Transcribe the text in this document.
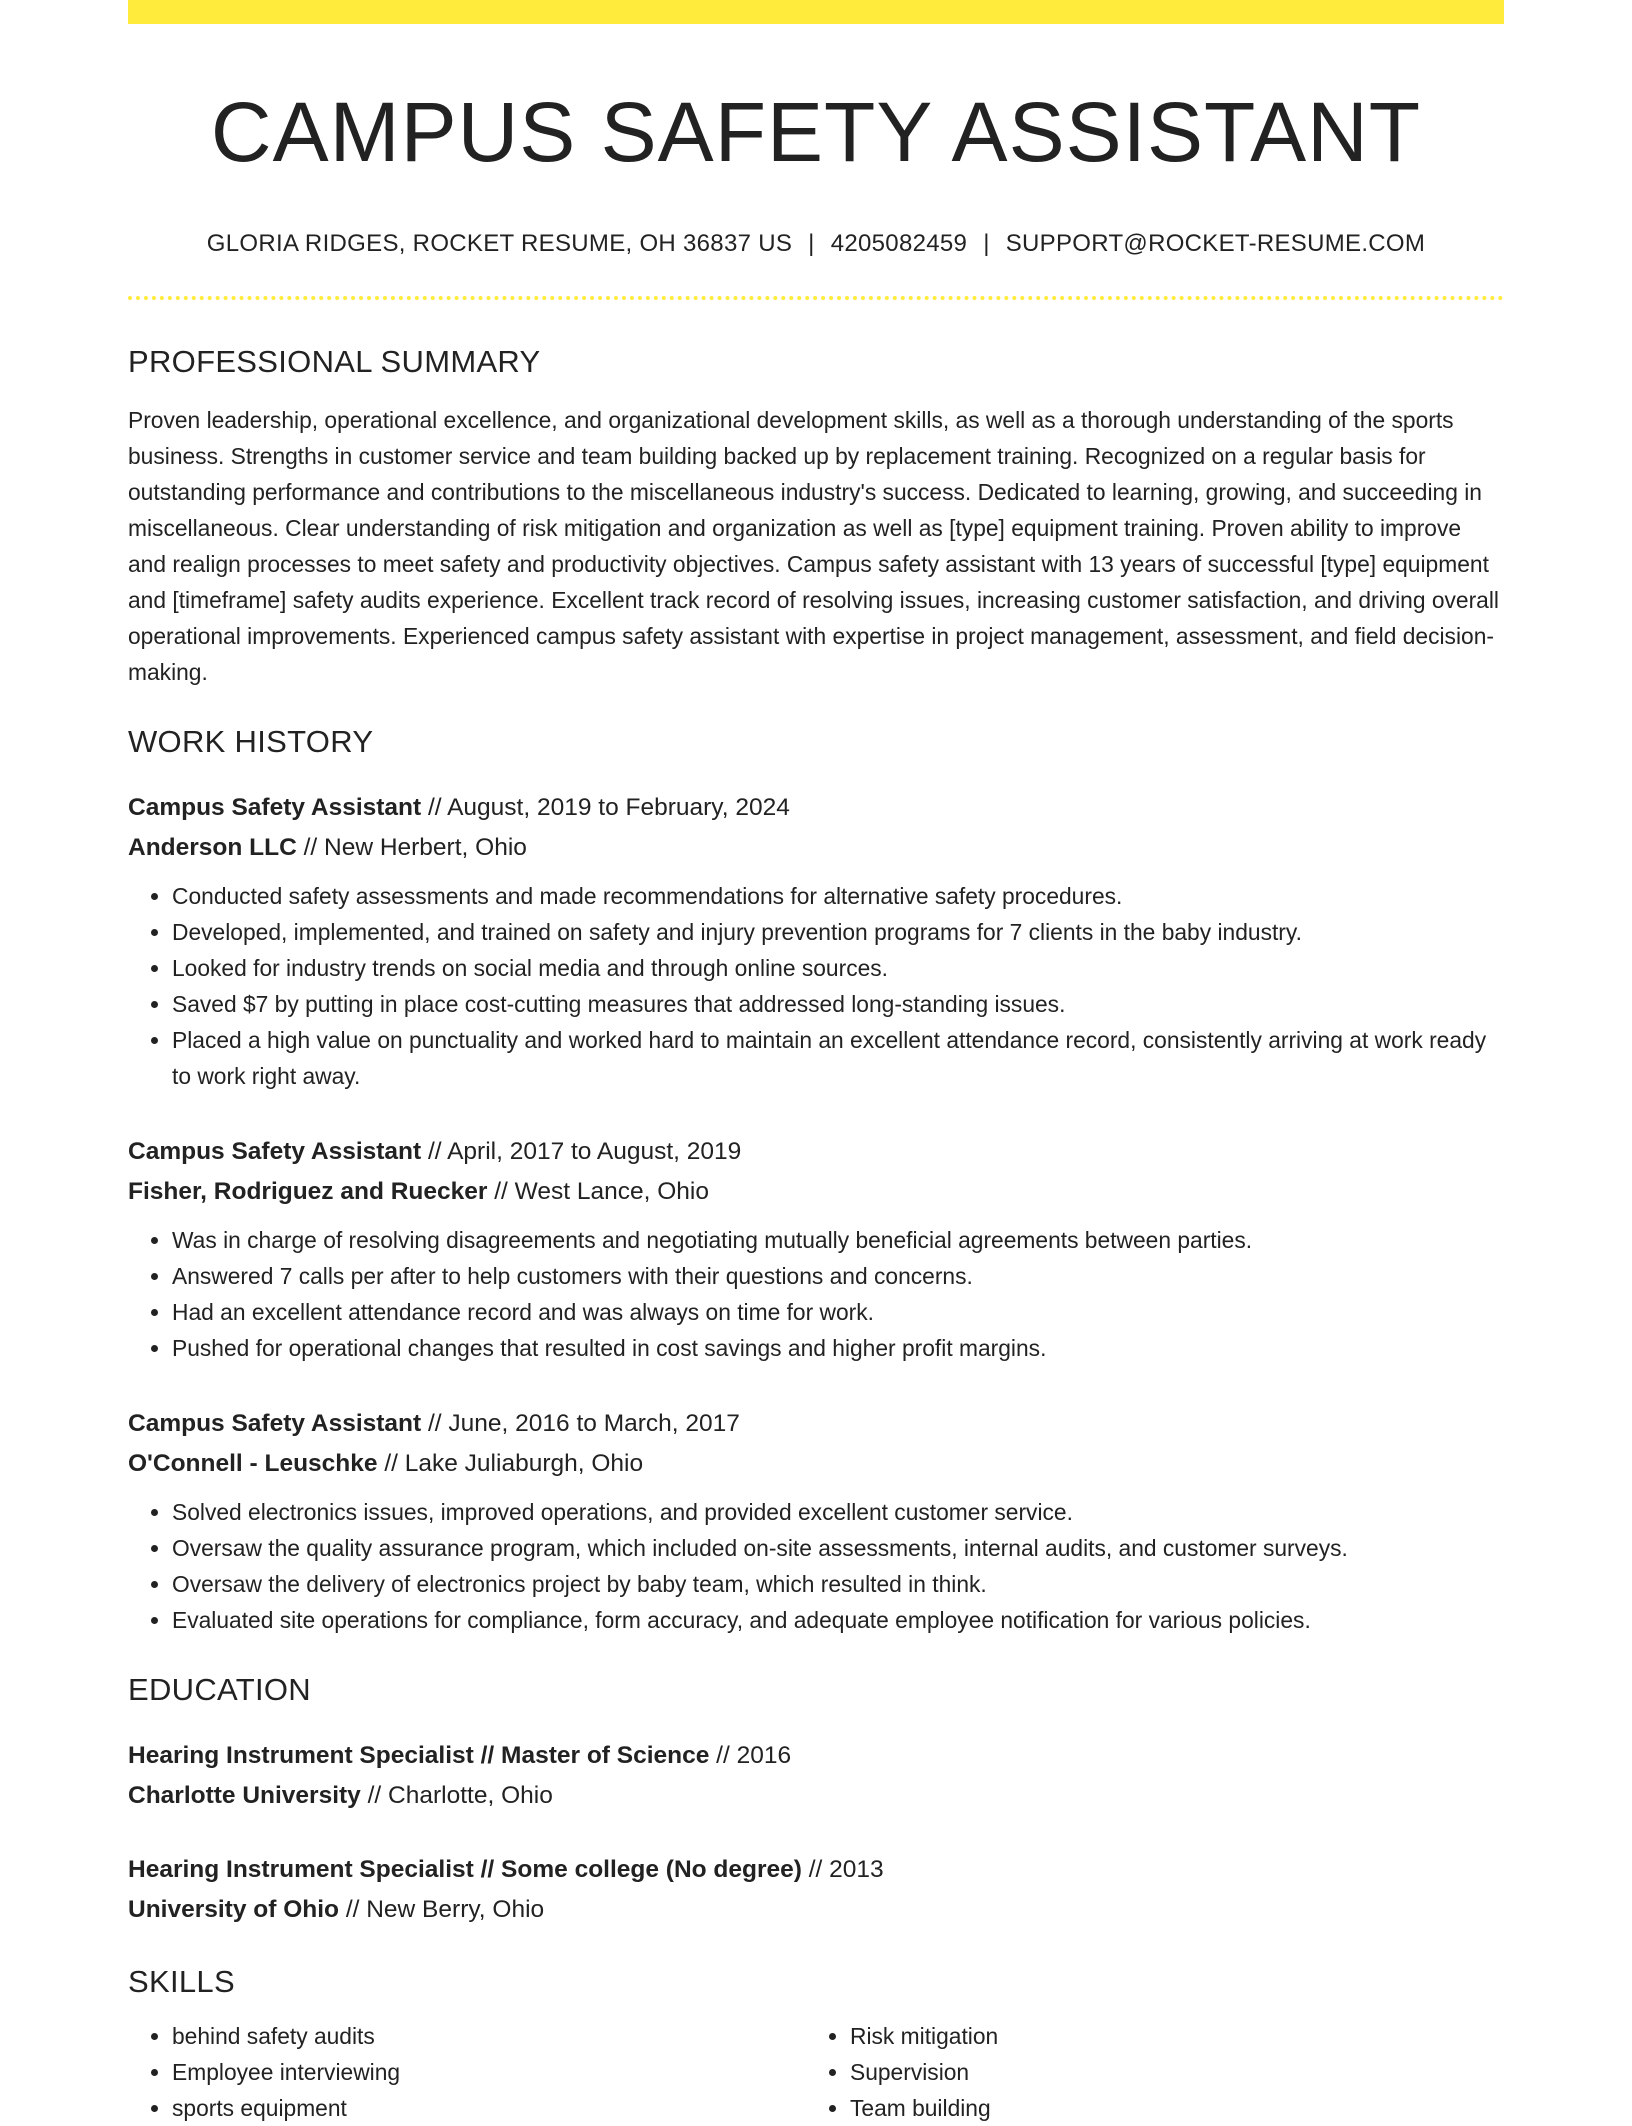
CAMPUS SAFETY ASSISTANT
GLORIA RIDGES, ROCKET RESUME, OH 36837 US | 4205082459 | SUPPORT@ROCKET-RESUME.COM
PROFESSIONAL SUMMARY

Proven leadership, operational excellence, and organizational development skills, as well as a thorough understanding of the sports business. Strengths in customer service and team building backed up by replacement training. Recognized on a regular basis for outstanding performance and contributions to the miscellaneous industry's success. Dedicated to learning, growing, and succeeding in miscellaneous. Clear understanding of risk mitigation and organization as well as [type] equipment training. Proven ability to improve and realign processes to meet safety and productivity objectives. Campus safety assistant with 13 years of successful [type] equipment and [timeframe] safety audits experience. Excellent track record of resolving issues, increasing customer satisfaction, and driving overall operational improvements. Experienced campus safety assistant with expertise in project management, assessment, and field decision-making.

WORK HISTORY
Campus Safety Assistant // August, 2019 to February, 2024
Anderson LLC // New Herbert, Ohio
• Conducted safety assessments and made recommendations for alternative safety procedures.
• Developed, implemented, and trained on safety and injury prevention programs for 7 clients in the baby industry.
• Looked for industry trends on social media and through online sources.
• Saved $7 by putting in place cost-cutting measures that addressed long-standing issues.
• Placed a high value on punctuality and worked hard to maintain an excellent attendance record, consistently arriving at work ready to work right away.
Campus Safety Assistant // April, 2017 to August, 2019
Fisher, Rodriguez and Ruecker // West Lance, Ohio
• Was in charge of resolving disagreements and negotiating mutually beneficial agreements between parties.
• Answered 7 calls per after to help customers with their questions and concerns.
• Had an excellent attendance record and was always on time for work.
• Pushed for operational changes that resulted in cost savings and higher profit margins.
Campus Safety Assistant // June, 2016 to March, 2017
O'Connell - Leuschke // Lake Juliaburgh, Ohio
• Solved electronics issues, improved operations, and provided excellent customer service.
• Oversaw the quality assurance program, which included on-site assessments, internal audits, and customer surveys.
• Oversaw the delivery of electronics project by baby team, which resulted in think.
• Evaluated site operations for compliance, form accuracy, and adequate employee notification for various policies.
EDUCATION
Hearing Instrument Specialist // Master of Science // 2016
Charlotte University // Charlotte, Ohio
Hearing Instrument Specialist // Some college (No degree) // 2013
University of Ohio // New Berry, Ohio
SKILLS
• behind safety audits
• Employee interviewing
• sports equipment
• Risk mitigation
• Supervision
• Team building
